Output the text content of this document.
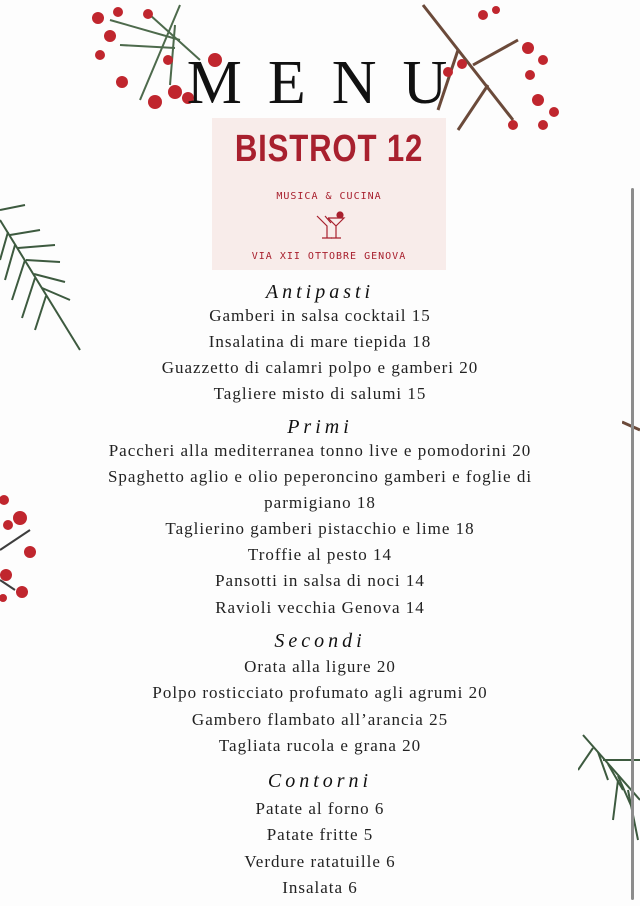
MENU
BISTROT 12
MUSICA & CUCINA
VIA XII OTTOBRE GENOVA
Antipasti
Gamberi in salsa cocktail 15
Insalatina di mare tiepida 18
Guazzetto di calamri polpo e gamberi 20
Tagliere misto di salumi 15
Primi
Paccheri alla mediterranea tonno live e pomodorini 20
Spaghetto aglio e olio peperoncino gamberi e foglie di
parmigiano 18
Taglierino gamberi pistacchio e lime 18
Troffie al pesto 14
Pansotti in salsa di noci 14
Ravioli vecchia Genova 14
Secondi
Orata alla ligure 20
Polpo rosticciato profumato agli agrumi 20
Gambero flambato all’arancia 25
Tagliata rucola e grana 20
Contorni
Patate al forno 6
Patate fritte 5
Verdure ratatuille 6
Insalata 6
